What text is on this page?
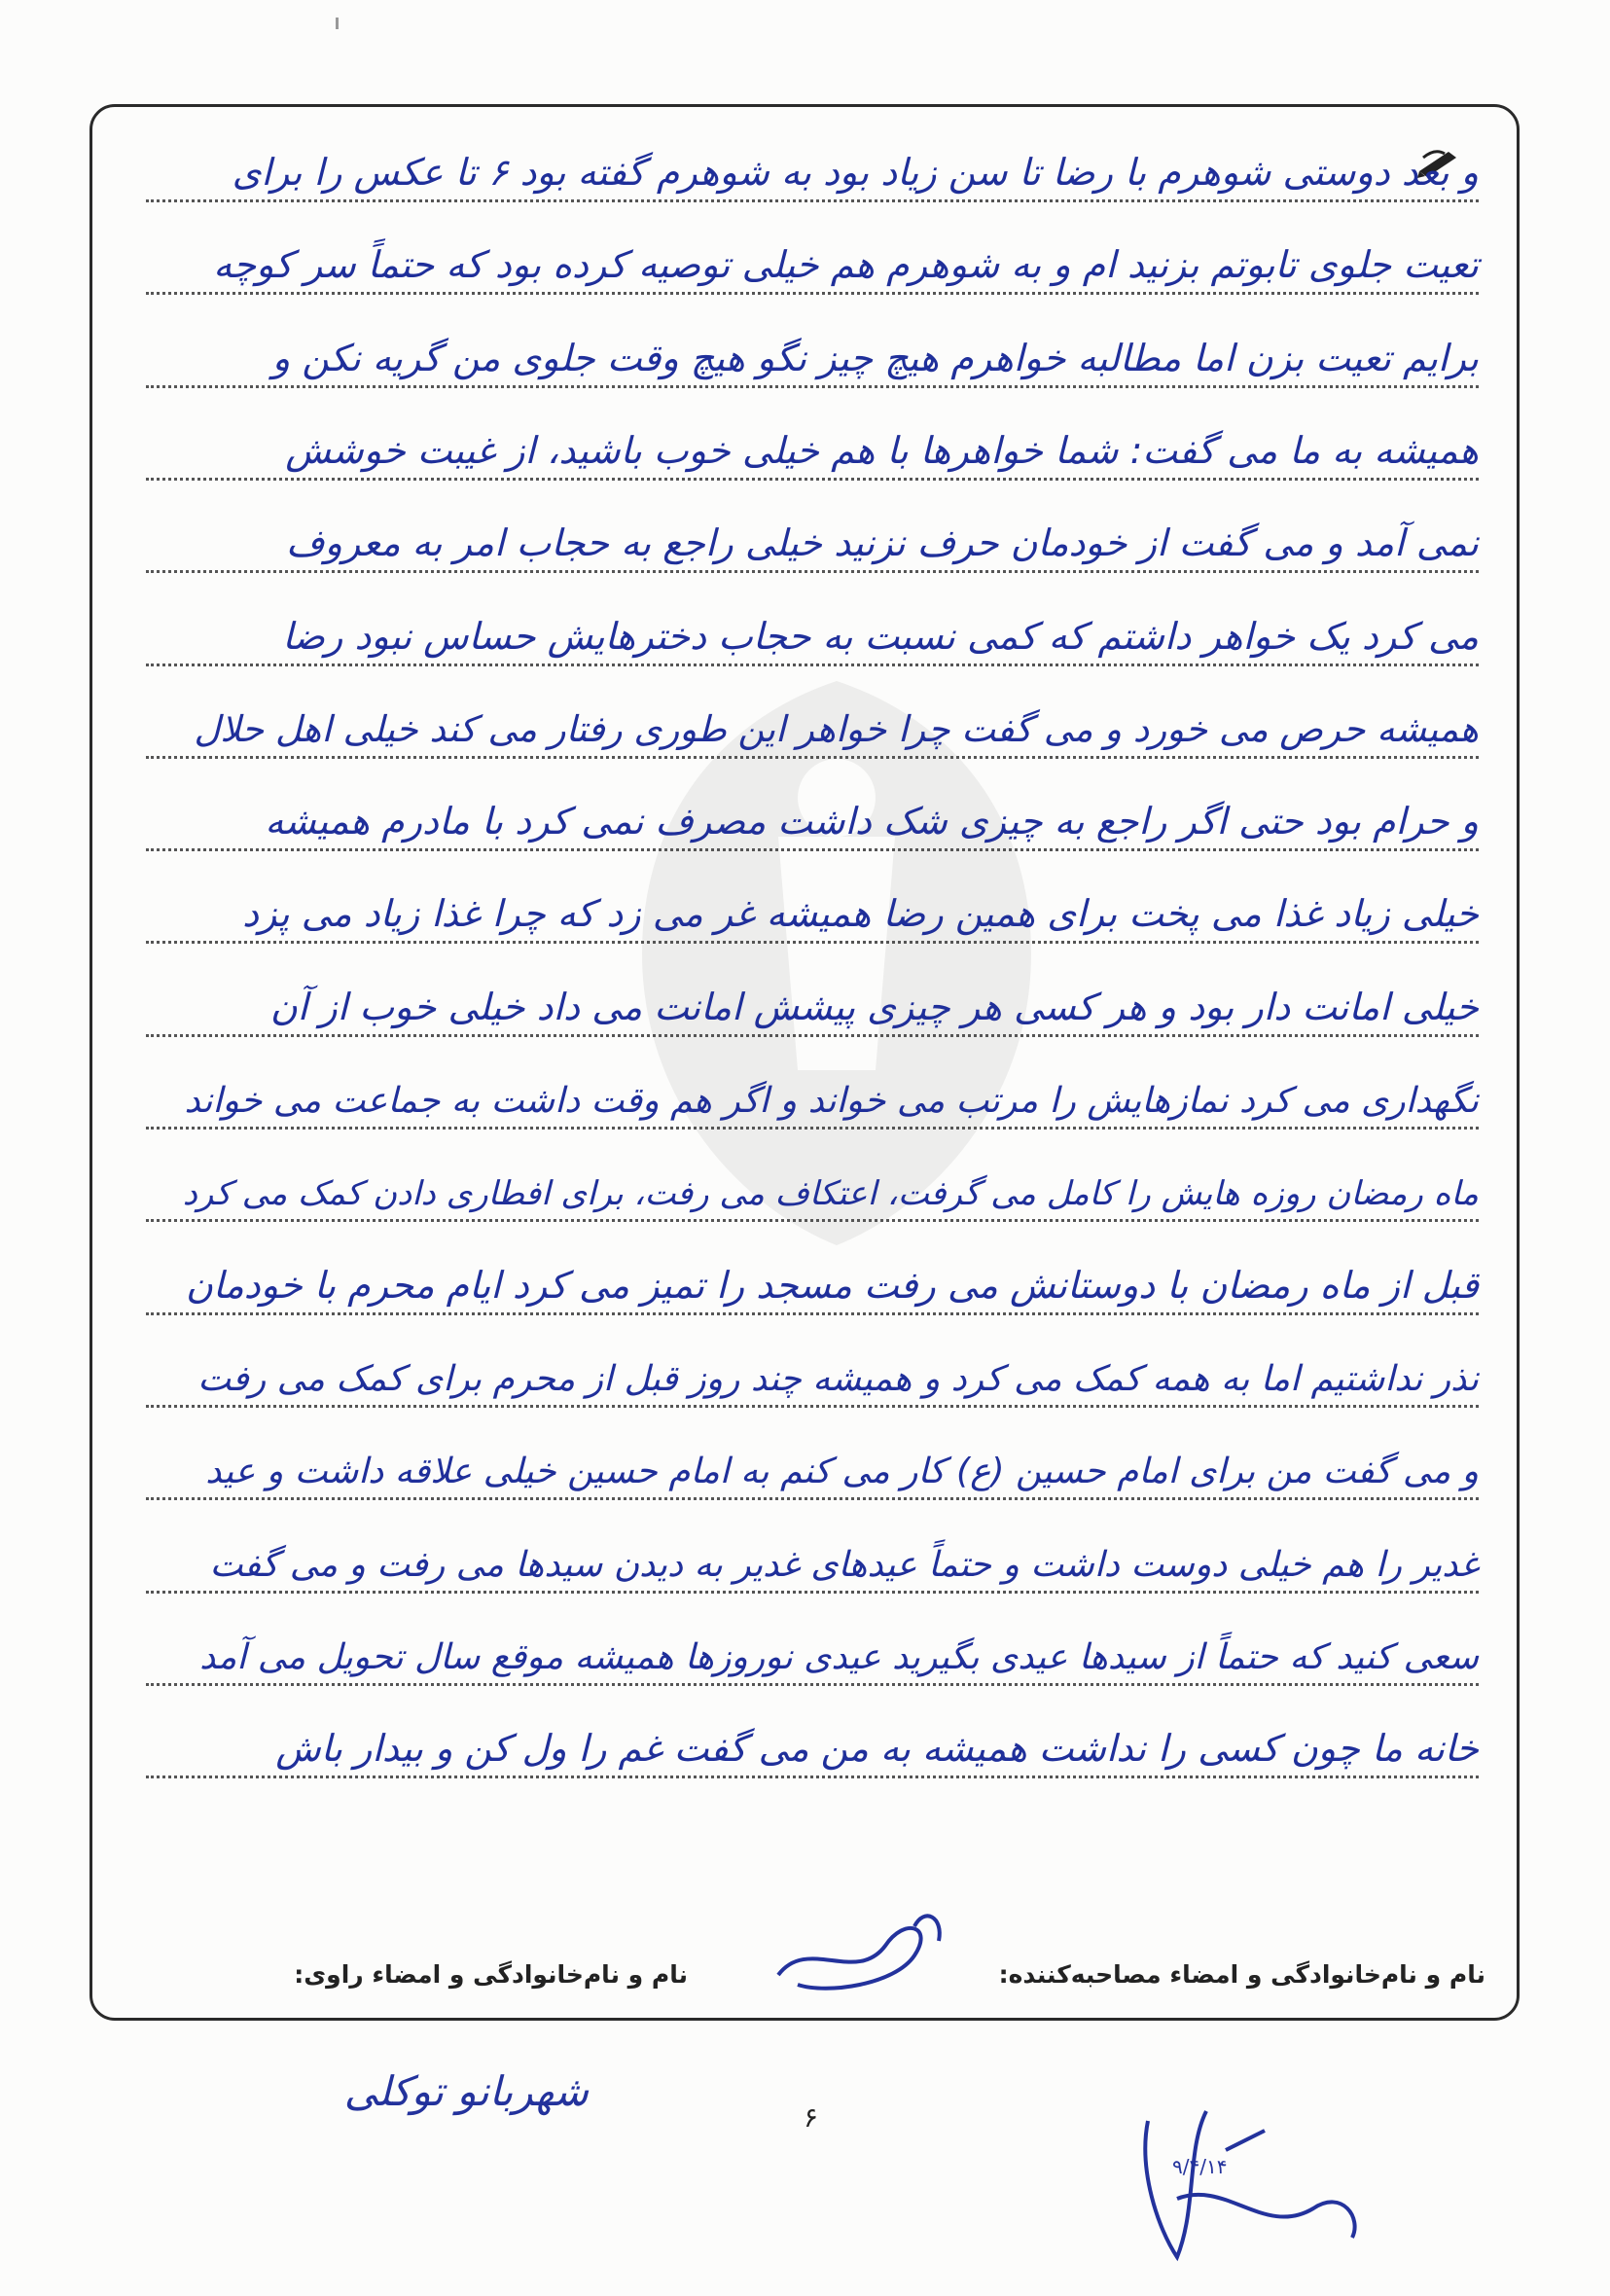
و بعد دوستی شوهرم با رضا تا سن زیاد بود به شوهرم گفته بود ۶ تا عکس را برای
تعیت جلوی تابوتم بزنید ام و به شوهرم هم خیلی توصیه کرده بود که حتماً سر کوچه
برایم تعیت بزن اما مطالبه خواهرم هیچ چیز نگو هیچ وقت جلوی من گریه نکن و
همیشه به ما می گفت: شما خواهرها با هم خیلی خوب باشید، از غیبت خوشش
نمی آمد و می گفت از خودمان حرف نزنید خیلی راجع به حجاب امر به معروف
می کرد یک خواهر داشتم که کمی نسبت به حجاب دخترهایش حساس نبود رضا
همیشه حرص می خورد و می گفت چرا خواهر این طوری رفتار می کند خیلی اهل حلال
و حرام بود حتی اگر راجع به چیزی شک داشت مصرف نمی کرد با مادرم همیشه
خیلی زیاد غذا می پخت برای همین رضا همیشه غر می زد که چرا غذا زیاد می پزد
خیلی امانت دار بود و هر کسی هر چیزی پیشش امانت می داد خیلی خوب از آن
نگهداری می کرد نمازهایش را مرتب می خواند و اگر هم وقت داشت به جماعت می خواند
ماه رمضان روزه هایش را کامل می گرفت، اعتکاف می رفت، برای افطاری دادن کمک می کرد
قبل از ماه رمضان با دوستانش می رفت مسجد را تمیز می کرد ایام محرم با خودمان
نذر نداشتیم اما به همه کمک می کرد و همیشه چند روز قبل از محرم برای کمک می رفت
و می گفت من برای امام حسین (ع) کار می کنم به امام حسین خیلی علاقه داشت و عید
غدیر را هم خیلی دوست داشت و حتماً عیدهای غدیر به دیدن سیدها می رفت و می گفت
سعی کنید که حتماً از سیدها عیدی بگیرید عیدی نوروزها همیشه موقع سال تحویل می آمد
خانه ما چون کسی را نداشت همیشه به من می گفت غم را ول کن و بیدار باش
نام و نام‌خانوادگی و امضاء مصاحبه‌کننده:
نام و نام‌خانوادگی و امضاء راوی:
شهربانو توکلی
۶
۹/۴/۱۴
